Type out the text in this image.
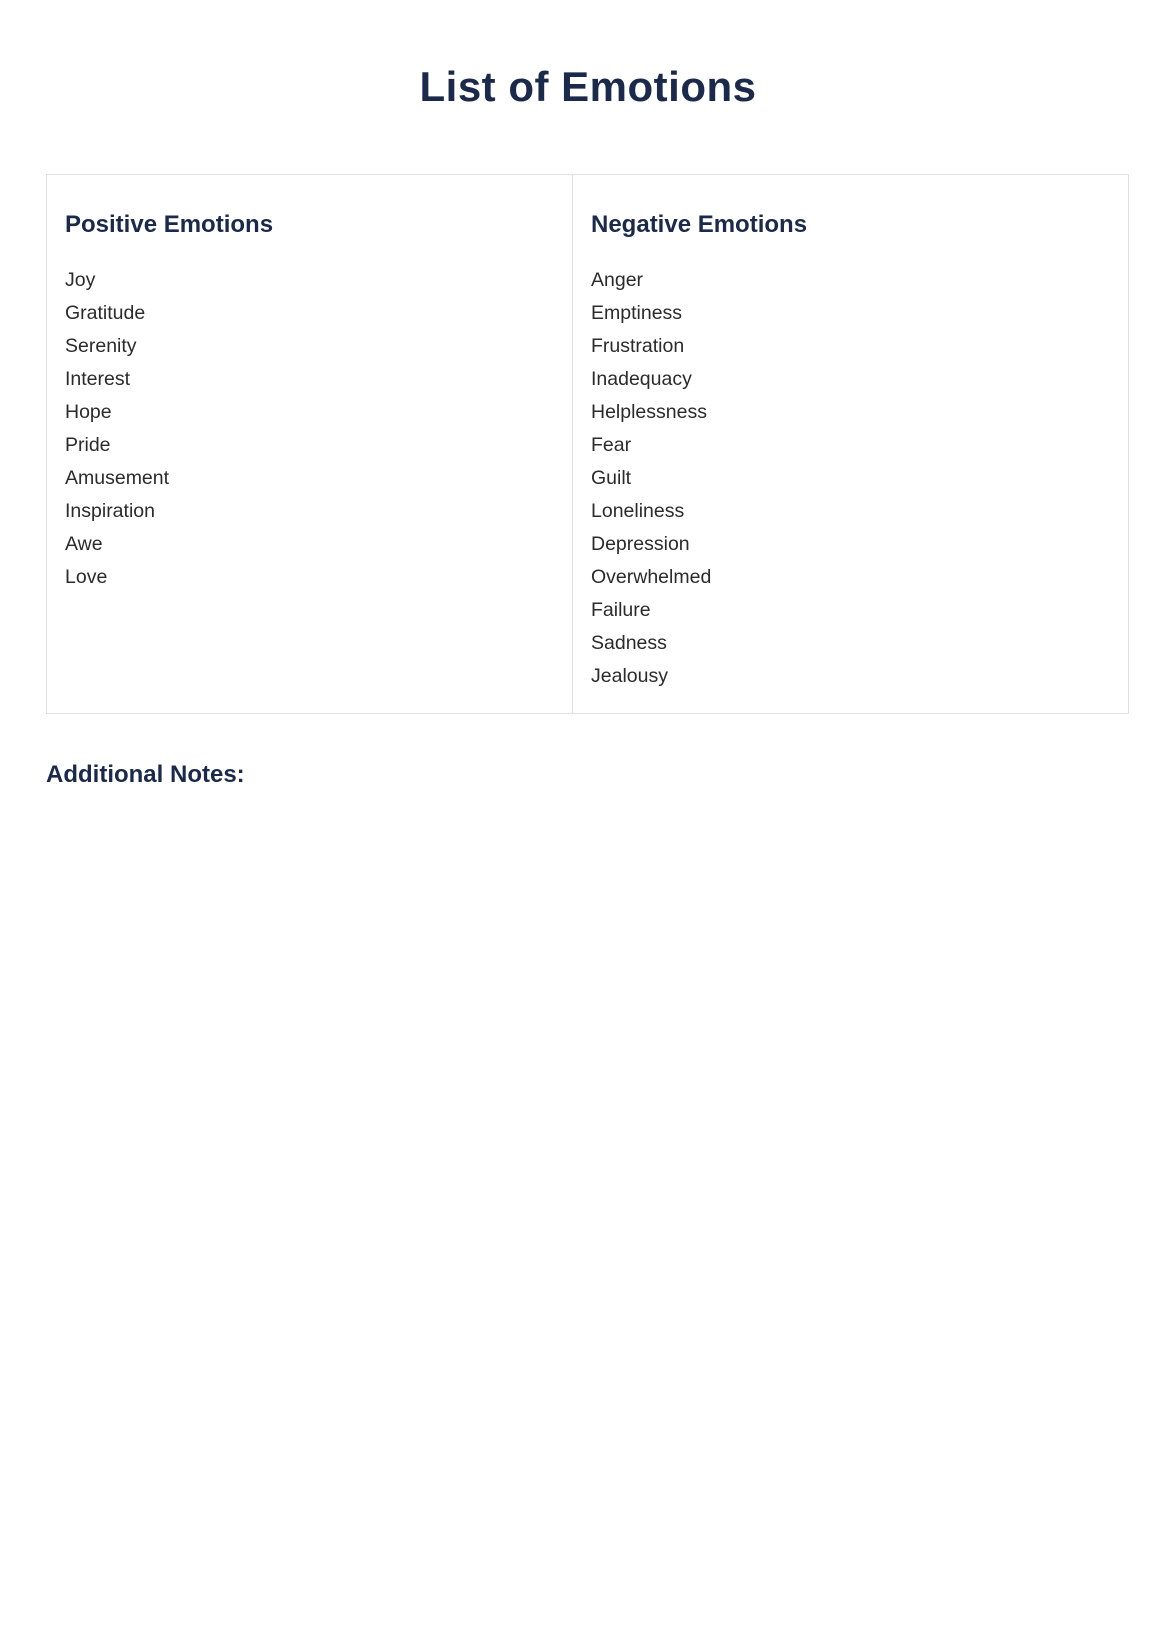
List of Emotions
Positive Emotions
Joy
Gratitude
Serenity
Interest
Hope
Pride
Amusement
Inspiration
Awe
Love
Negative Emotions
Anger
Emptiness
Frustration
Inadequacy
Helplessness
Fear
Guilt
Loneliness
Depression
Overwhelmed
Failure
Sadness
Jealousy
Additional Notes:
